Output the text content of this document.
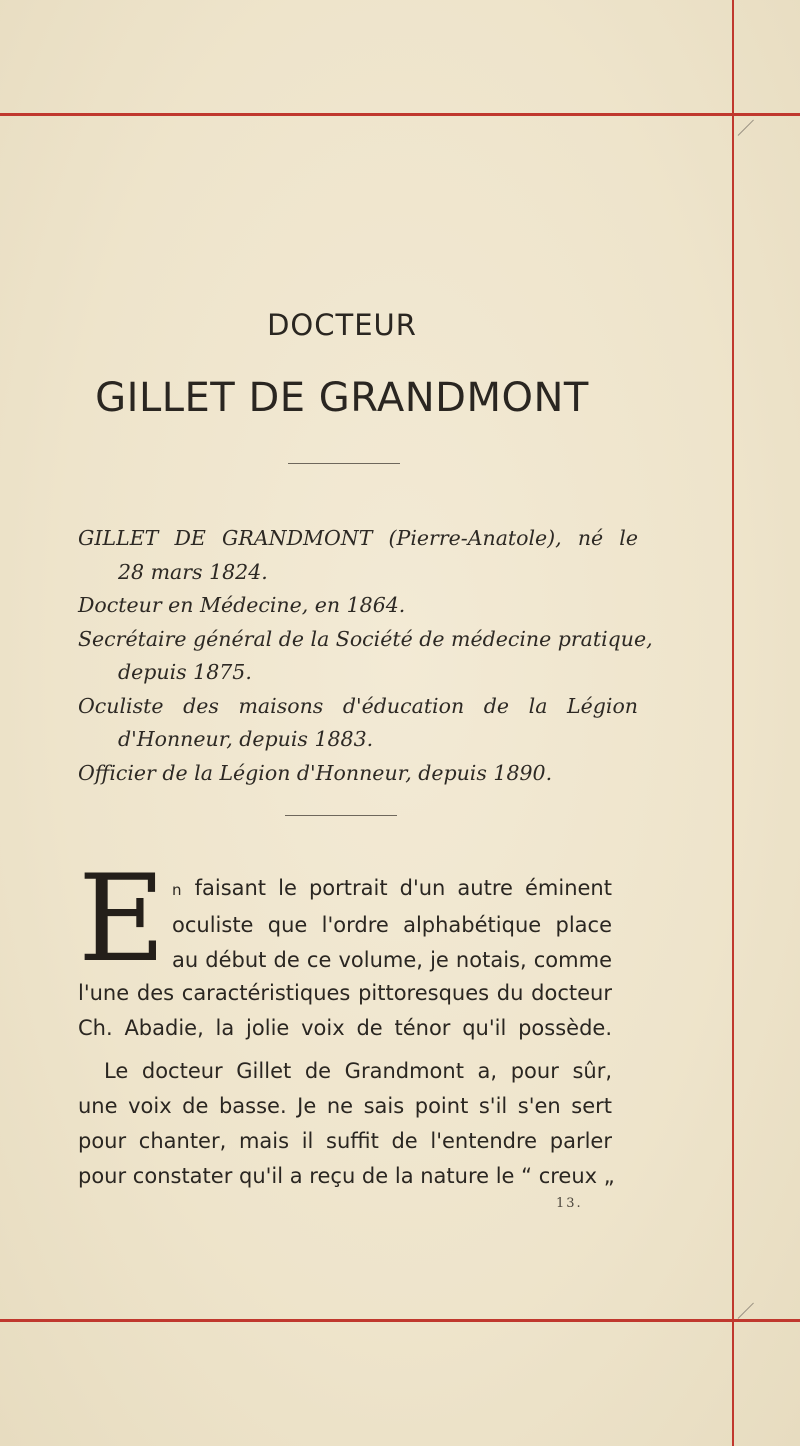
DOCTEUR
GILLET DE GRANDMONT
GILLET DE GRANDMONT (Pierre-Anatole), né le
28 mars 1824.
Docteur en Médecine, en 1864.
Secrétaire général de la Société de médecine pratique,
depuis 1875.
Oculiste des maisons d'éducation de la Légion
d'Honneur, depuis 1883.
Officier de la Légion d'Honneur, depuis 1890.
E n faisant le portrait d'un autre éminent
oculiste que l'ordre alphabétique place
au début de ce volume, je notais, comme
l'une des caractéristiques pittoresques du docteur
Ch. Abadie, la jolie voix de ténor qu'il possède.
Le docteur Gillet de Grandmont a, pour sûr,
une voix de basse. Je ne sais point s'il s'en sert
pour chanter, mais il suffit de l'entendre parler
pour constater qu'il a reçu de la nature le “ creux „
13.
